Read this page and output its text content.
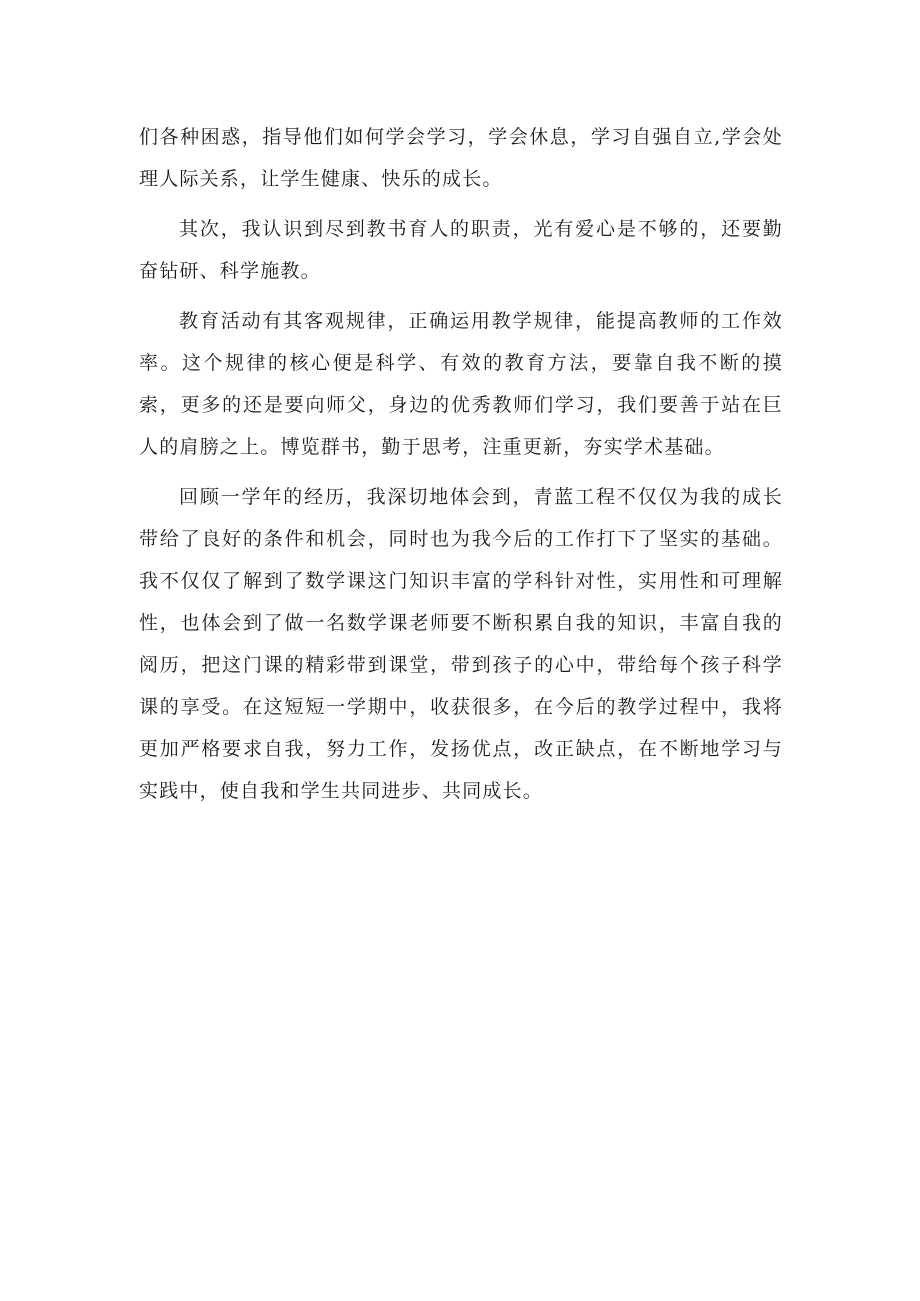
们各种困惑，指导他们如何学会学习，学会休息，学习自强自立,学会处理人际关系，让学生健康、快乐的成长。

其次，我认识到尽到教书育人的职责，光有爱心是不够的，还要勤奋钻研、科学施教。

教育活动有其客观规律，正确运用教学规律，能提高教师的工作效率。这个规律的核心便是科学、有效的教育方法，要靠自我不断的摸索，更多的还是要向师父，身边的优秀教师们学习，我们要善于站在巨人的肩膀之上。博览群书，勤于思考，注重更新，夯实学术基础。

回顾一学年的经历，我深切地体会到，青蓝工程不仅仅为我的成长带给了良好的条件和机会，同时也为我今后的工作打下了坚实的基础。我不仅仅了解到了数学课这门知识丰富的学科针对性，实用性和可理解性，也体会到了做一名数学课老师要不断积累自我的知识，丰富自我的阅历，把这门课的精彩带到课堂，带到孩子的心中，带给每个孩子科学课的享受。在这短短一学期中，收获很多，在今后的教学过程中，我将更加严格要求自我，努力工作，发扬优点，改正缺点，在不断地学习与实践中，使自我和学生共同进步、共同成长。
